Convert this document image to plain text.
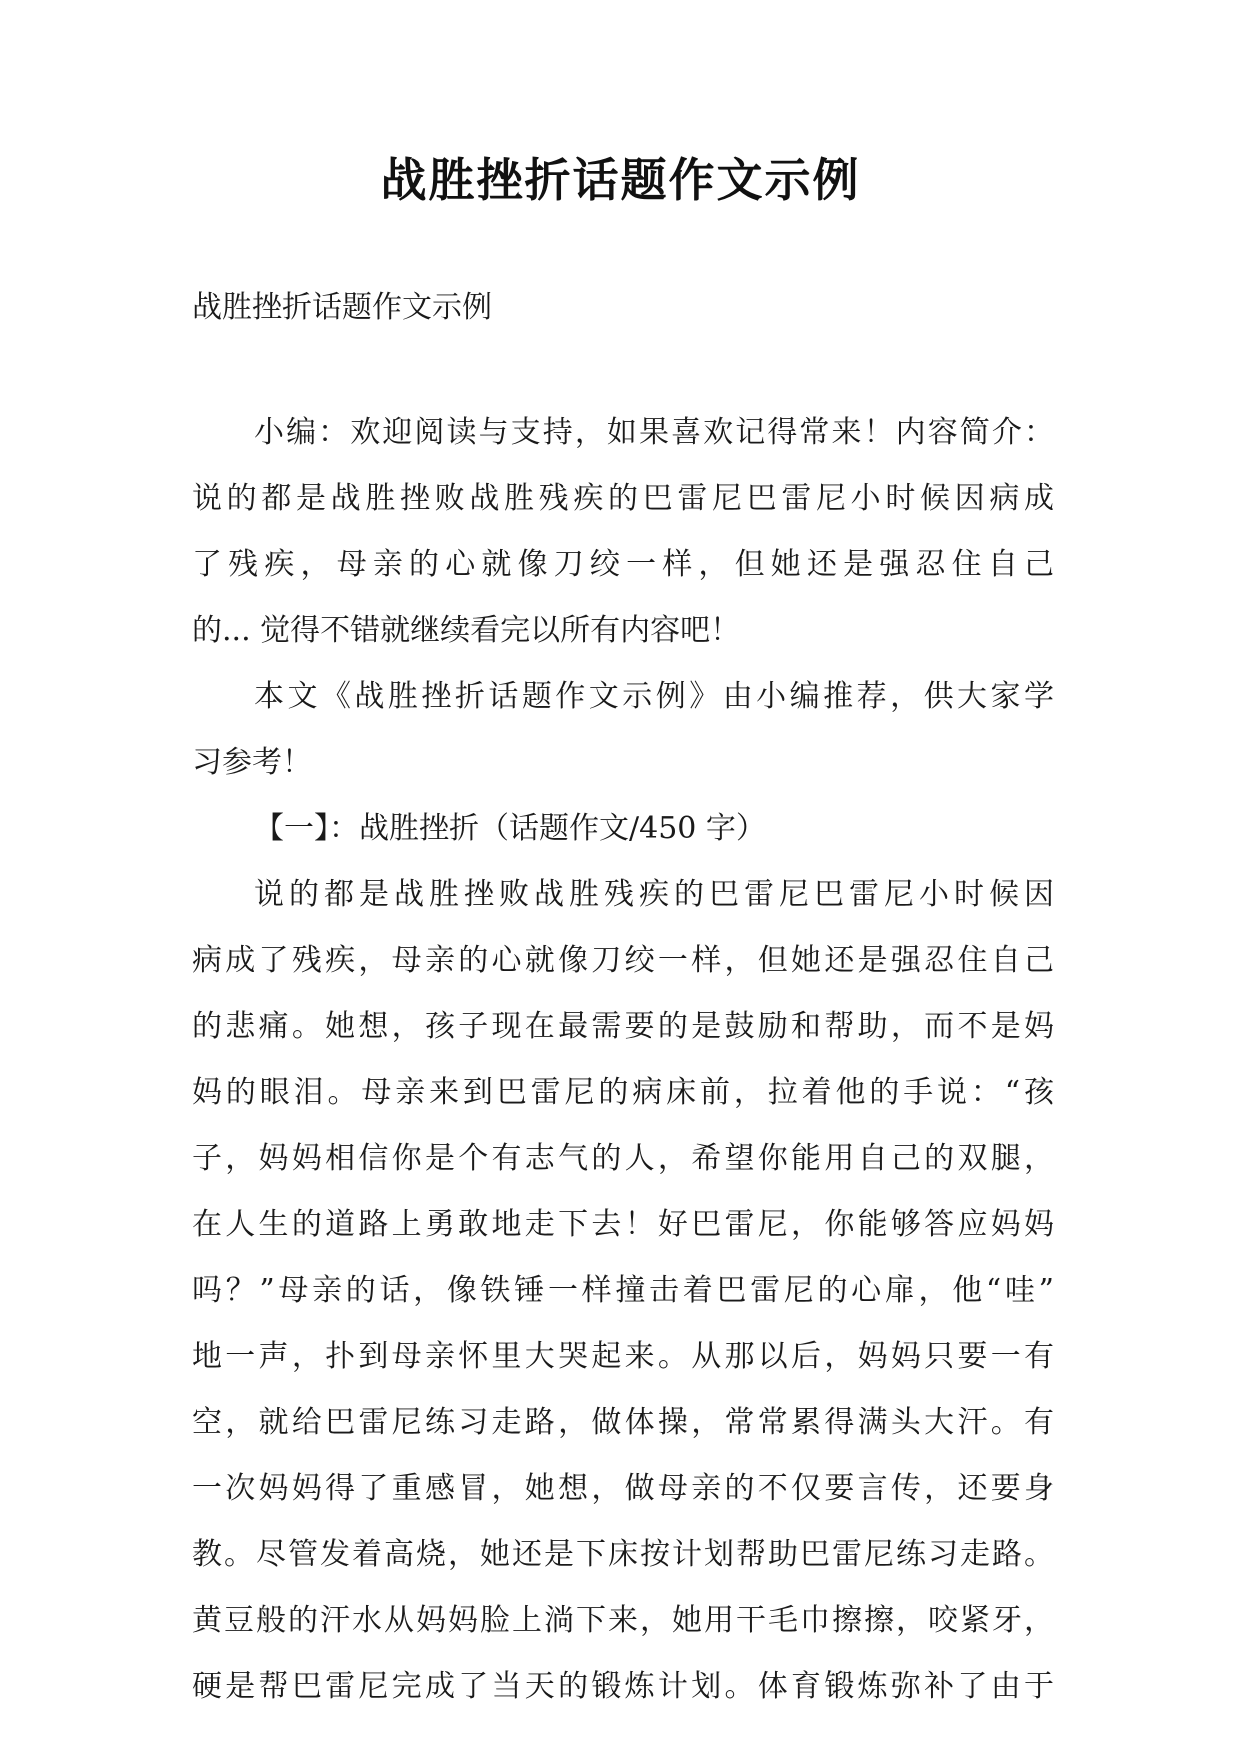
战胜挫折话题作文示例
战胜挫折话题作文示例
小编：欢迎阅读与支持，如果喜欢记得常来！内容简介：
说的都是战胜挫败战胜残疾的巴雷尼巴雷尼小时候因病成
了残疾，母亲的心就像刀绞一样，但她还是强忍住自己
的... 觉得不错就继续看完以所有内容吧！
本文《战胜挫折话题作文示例》由小编推荐，供大家学
习参考！
【一】：战胜挫折（话题作文/450 字）
说的都是战胜挫败战胜残疾的巴雷尼巴雷尼小时候因
病成了残疾，母亲的心就像刀绞一样，但她还是强忍住自己
的悲痛。她想，孩子现在最需要的是鼓励和帮助，而不是妈
妈的眼泪。母亲来到巴雷尼的病床前，拉着他的手说：“孩
子，妈妈相信你是个有志气的人，希望你能用自己的双腿，
在人生的道路上勇敢地走下去！好巴雷尼，你能够答应妈妈
吗？”母亲的话，像铁锤一样撞击着巴雷尼的心扉，他“哇”
地一声，扑到母亲怀里大哭起来。从那以后，妈妈只要一有
空，就给巴雷尼练习走路，做体操，常常累得满头大汗。有
一次妈妈得了重感冒，她想，做母亲的不仅要言传，还要身
教。尽管发着高烧，她还是下床按计划帮助巴雷尼练习走路。
黄豆般的汗水从妈妈脸上淌下来，她用干毛巾擦擦，咬紧牙，
硬是帮巴雷尼完成了当天的锻炼计划。体育锻炼弥补了由于
